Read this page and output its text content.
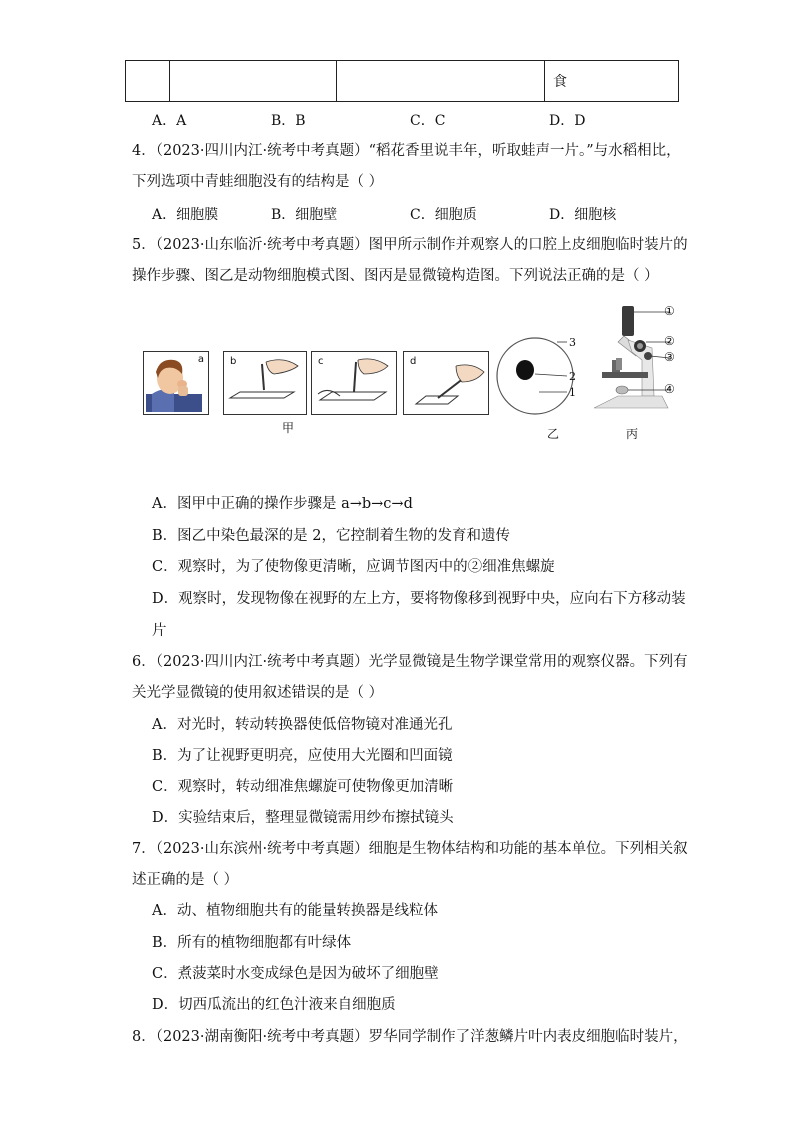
			食
A．A	B．B	C．C	D．D
4．（2023·四川内江·统考中考真题）“稻花香里说丰年，听取蛙声一片。”与水稻相比，
下列选项中青蛙细胞没有的结构是（ ）
A．细胞膜	B．细胞壁	C．细胞质	D．细胞核
5．（2023·山东临沂·统考中考真题）图甲所示制作并观察人的口腔上皮细胞临时装片的
操作步骤、图乙是动物细胞模式图、图丙是显微镜构造图。下列说法正确的是（ ）
a	b	c	d
甲
3
2
1
乙
①
②
③
④
丙
A．图甲中正确的操作步骤是 a→b→c→d
B．图乙中染色最深的是 2，它控制着生物的发育和遗传
C．观察时，为了使物像更清晰，应调节图丙中的②细准焦螺旋
D．观察时，发现物像在视野的左上方，要将物像移到视野中央，应向右下方移动装
片
6．（2023·四川内江·统考中考真题）光学显微镜是生物学课堂常用的观察仪器。下列有
关光学显微镜的使用叙述错误的是（ ）
A．对光时，转动转换器使低倍物镜对准通光孔
B．为了让视野更明亮，应使用大光圈和凹面镜
C．观察时，转动细准焦螺旋可使物像更加清晰
D．实验结束后，整理显微镜需用纱布擦拭镜头
7．（2023·山东滨州·统考中考真题）细胞是生物体结构和功能的基本单位。下列相关叙
述正确的是（ ）
A．动、植物细胞共有的能量转换器是线粒体
B．所有的植物细胞都有叶绿体
C．煮菠菜时水变成绿色是因为破坏了细胞壁
D．切西瓜流出的红色汁液来自细胞质
8．（2023·湖南衡阳·统考中考真题）罗华同学制作了洋葱鳞片叶内表皮细胞临时装片，
